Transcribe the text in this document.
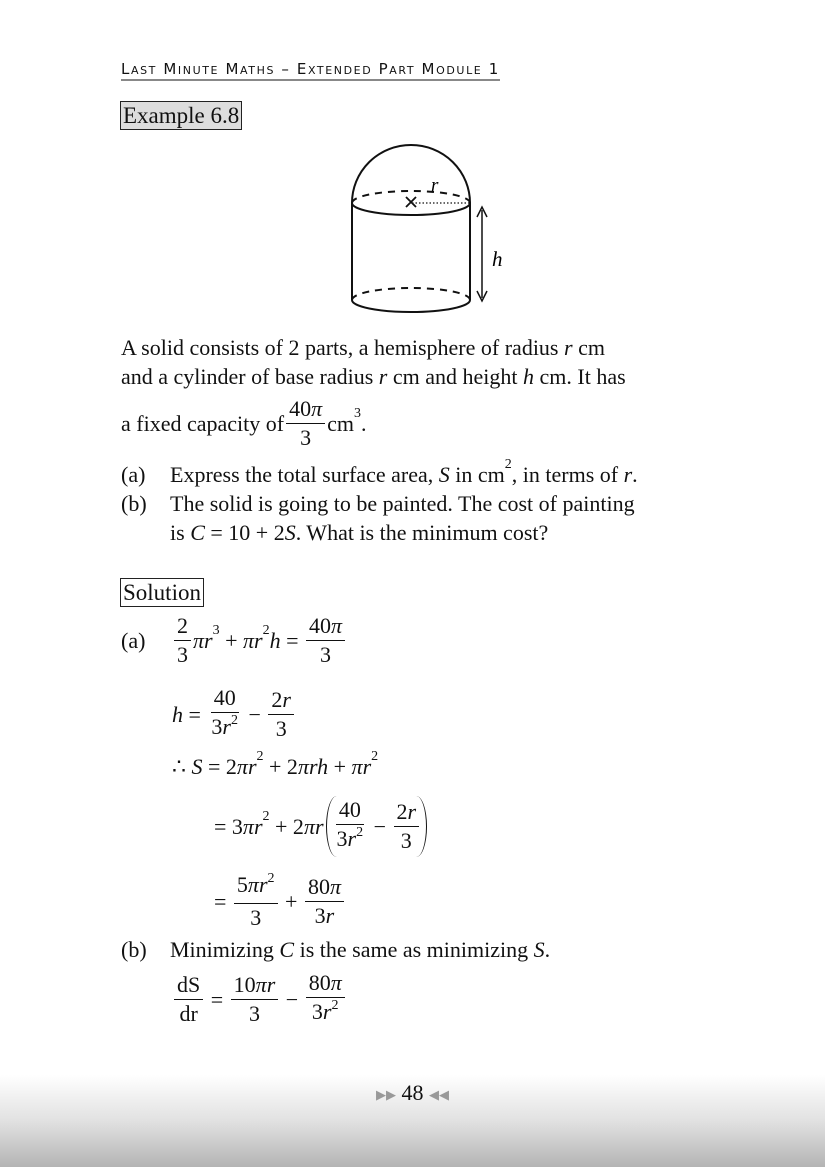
Last Minute Maths – Extended Part Module 1
Example 6.8
r
h
A solid consists of 2 parts, a hemisphere of radius r cm
and a cylinder of base radius r cm and height h cm. It has
a fixed capacity of $\frac{40\pi}{3}$ cm 3 .
(a)	Express the total surface area, S in cm 2 , in terms of r .
(b)	The solid is going to be painted. The cost of painting
is C = 10 + 2 S . What is the minimum cost?
Solution
(a)	$\frac{2}{3}$ πr 3 + πr 2 $h = \frac{40\pi}{3}$
$h = \frac{40}{3r^2} - \frac{2r}{3}$
∴ S = 2 πr 2 + 2 πrh + πr 2
= 3 πr 2 + 2 πr $\frac{40}{3r^2} - \frac{2r}{3}$
= $\frac{5\pi r^2}{3} + \frac{80\pi}{3r}$
(b)	Minimizing C is the same as minimizing S .
$\frac{dS}{dr} = \frac{10\pi r}{3} - \frac{80\pi}{3r^2}$
▶▶ 48 ◀◀
